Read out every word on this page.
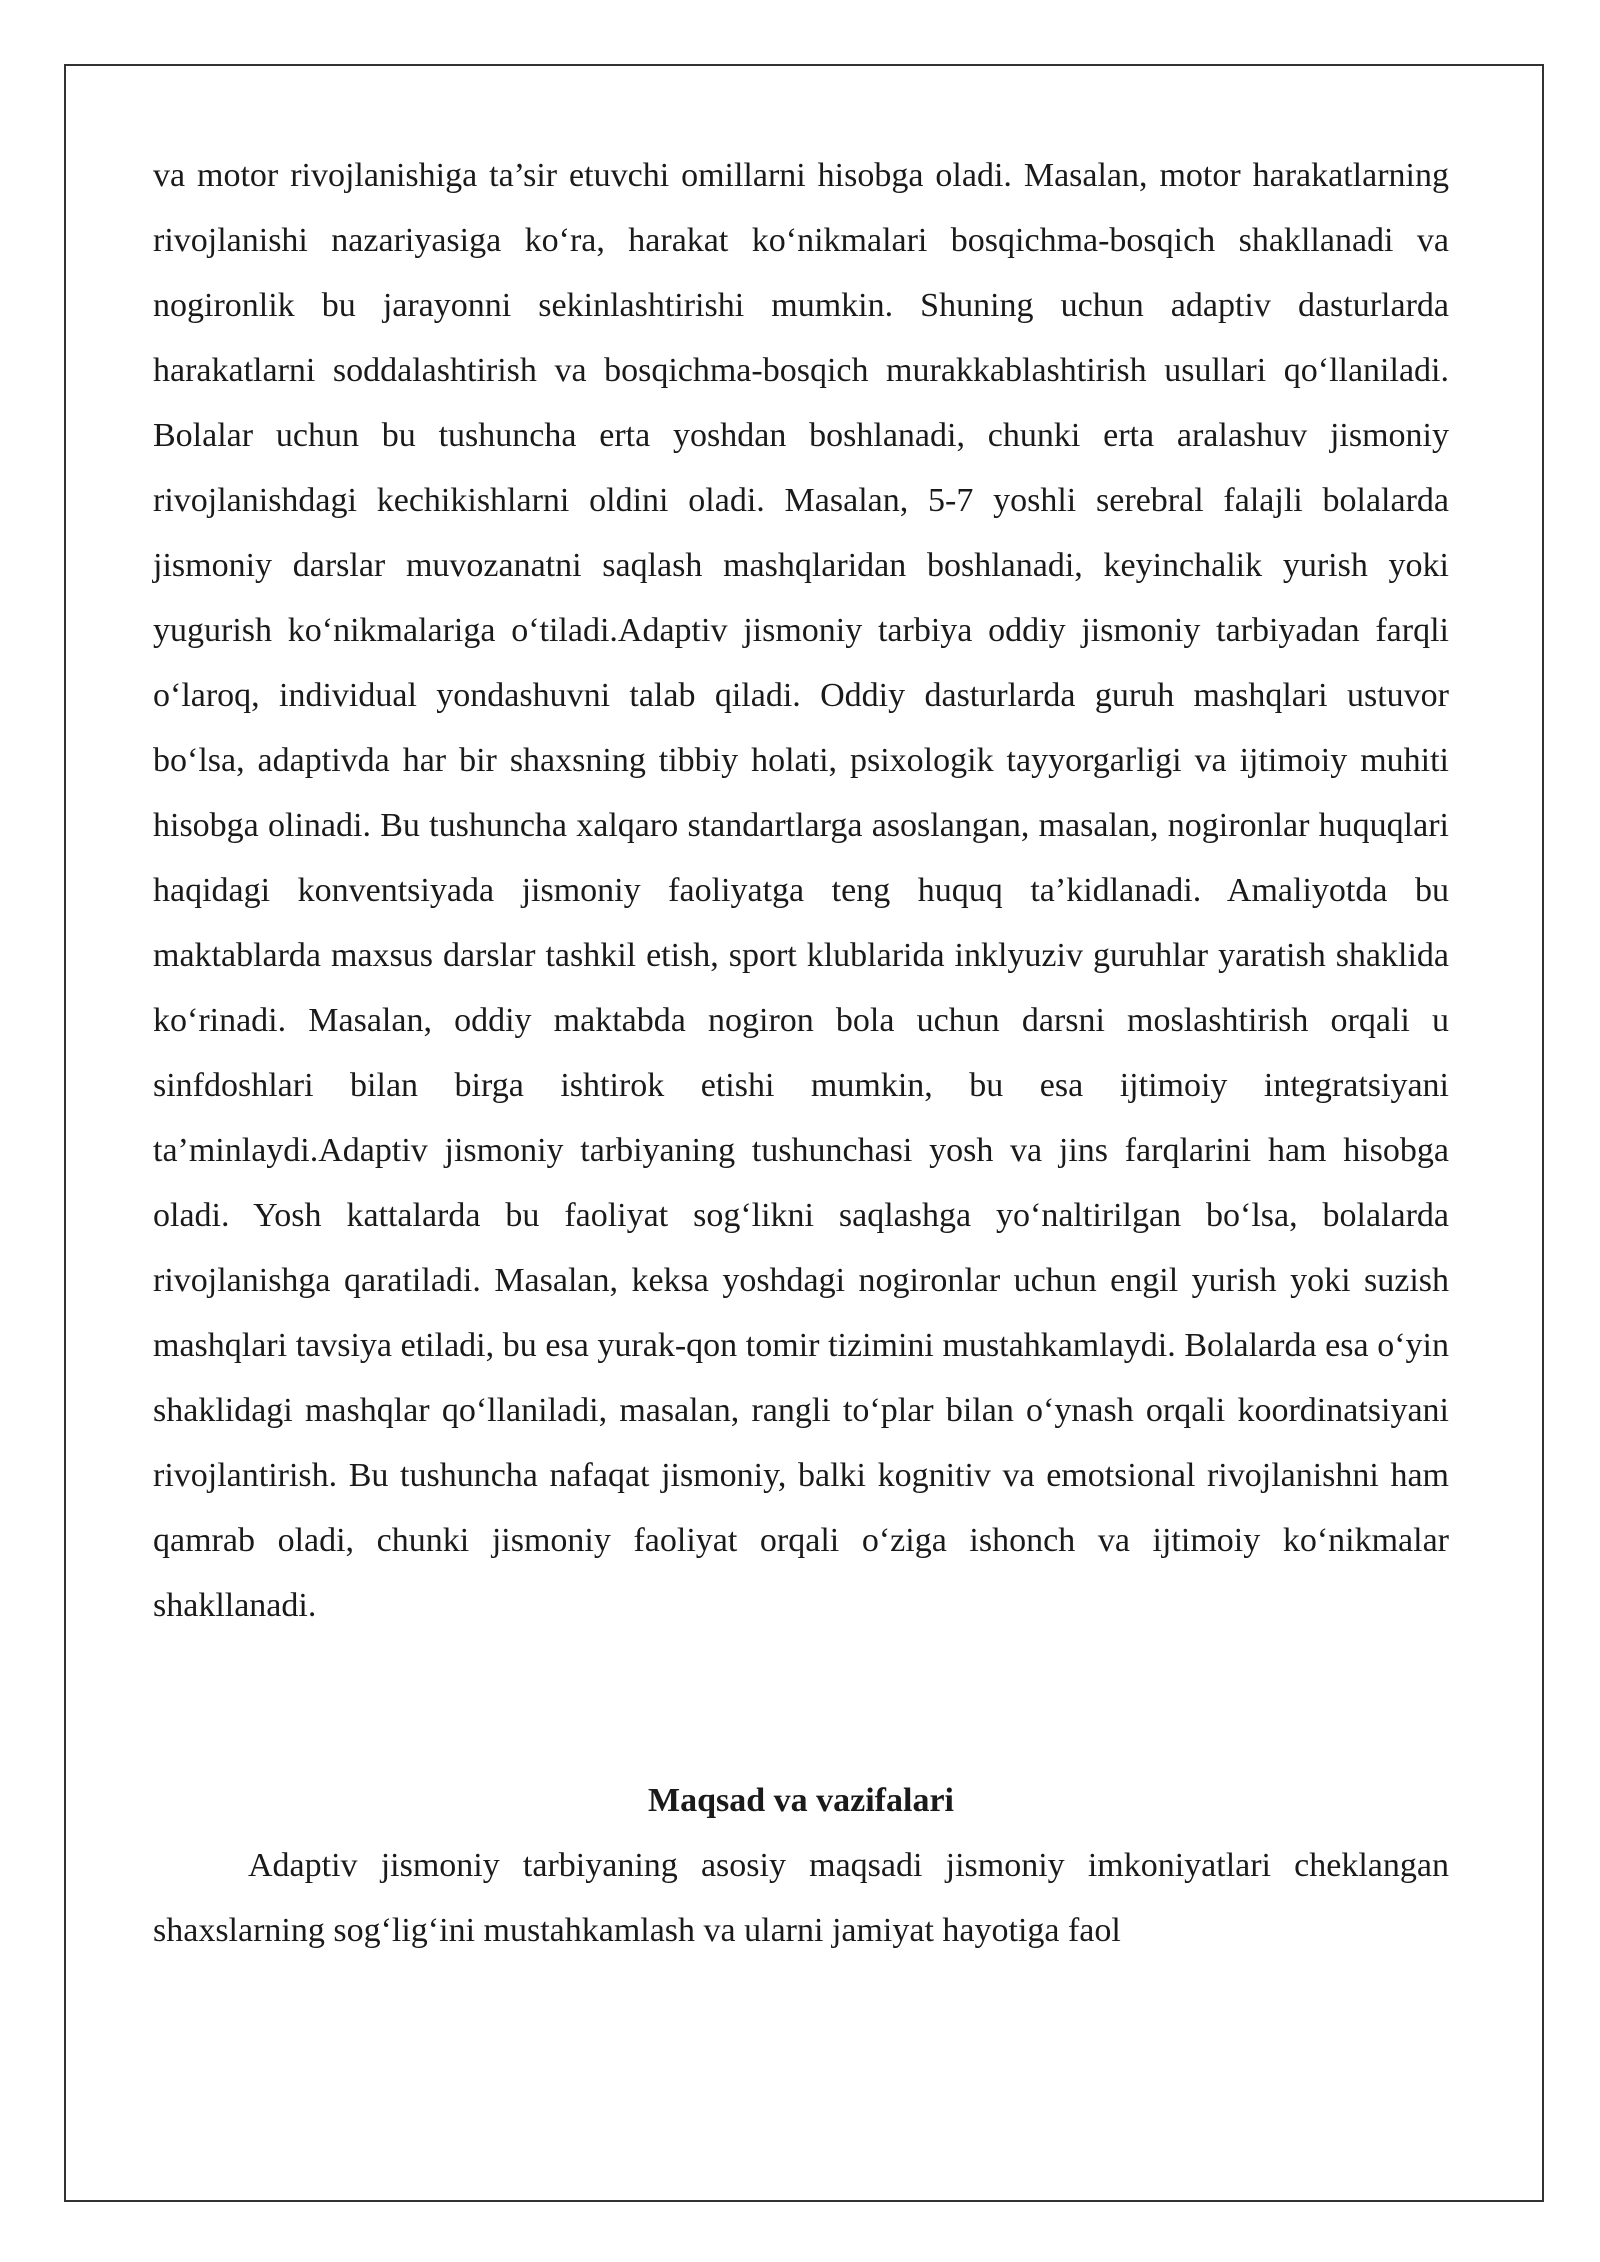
va motor rivojlanishiga ta’sir etuvchi omillarni hisobga oladi. Masalan, motor harakatlarning rivojlanishi nazariyasiga ko‘ra, harakat ko‘nikmalari bosqichma-bosqich shakllanadi va nogironlik bu jarayonni sekinlashtirishi mumkin. Shuning uchun adaptiv dasturlarda harakatlarni soddalashtirish va bosqichma-bosqich murakkablashtirish usullari qo‘llaniladi. Bolalar uchun bu tushuncha erta yoshdan boshlanadi, chunki erta aralashuv jismoniy rivojlanishdagi kechikishlarni oldini oladi. Masalan, 5-7 yoshli serebral falajli bolalarda jismoniy darslar muvozanatni saqlash mashqlaridan boshlanadi, keyinchalik yurish yoki yugurish ko‘nikmalariga o‘tiladi.Adaptiv jismoniy tarbiya oddiy jismoniy tarbiyadan farqli o‘laroq, individual yondashuvni talab qiladi. Oddiy dasturlarda guruh mashqlari ustuvor bo‘lsa, adaptivda har bir shaxsning tibbiy holati, psixologik tayyorgarligi va ijtimoiy muhiti hisobga olinadi. Bu tushuncha xalqaro standartlarga asoslangan, masalan, nogironlar huquqlari haqidagi konventsiyada jismoniy faoliyatga teng huquq ta’kidlanadi. Amaliyotda bu maktablarda maxsus darslar tashkil etish, sport klublarida inklyuziv guruhlar yaratish shaklida ko‘rinadi. Masalan, oddiy maktabda nogiron bola uchun darsni moslashtirish orqali u sinfdoshlari bilan birga ishtirok etishi mumkin, bu esa ijtimoiy integratsiyani ta’minlaydi.Adaptiv jismoniy tarbiyaning tushunchasi yosh va jins farqlarini ham hisobga oladi. Yosh kattalarda bu faoliyat sog‘likni saqlashga yo‘naltirilgan bo‘lsa, bolalarda rivojlanishga qaratiladi. Masalan, keksa yoshdagi nogironlar uchun engil yurish yoki suzish mashqlari tavsiya etiladi, bu esa yurak-qon tomir tizimini mustahkamlaydi. Bolalarda esa o‘yin shaklidagi mashqlar qo‘llaniladi, masalan, rangli to‘plar bilan o‘ynash orqali koordinatsiyani rivojlantirish. Bu tushuncha nafaqat jismoniy, balki kognitiv va emotsional rivojlanishni ham qamrab oladi, chunki jismoniy faoliyat orqali o‘ziga ishonch va ijtimoiy ko‘nikmalar shakllanadi.

Maqsad va vazifalari

Adaptiv jismoniy tarbiyaning asosiy maqsadi jismoniy imkoniyatlari cheklangan shaxslarning sog‘lig‘ini mustahkamlash va ularni jamiyat hayotiga faol
